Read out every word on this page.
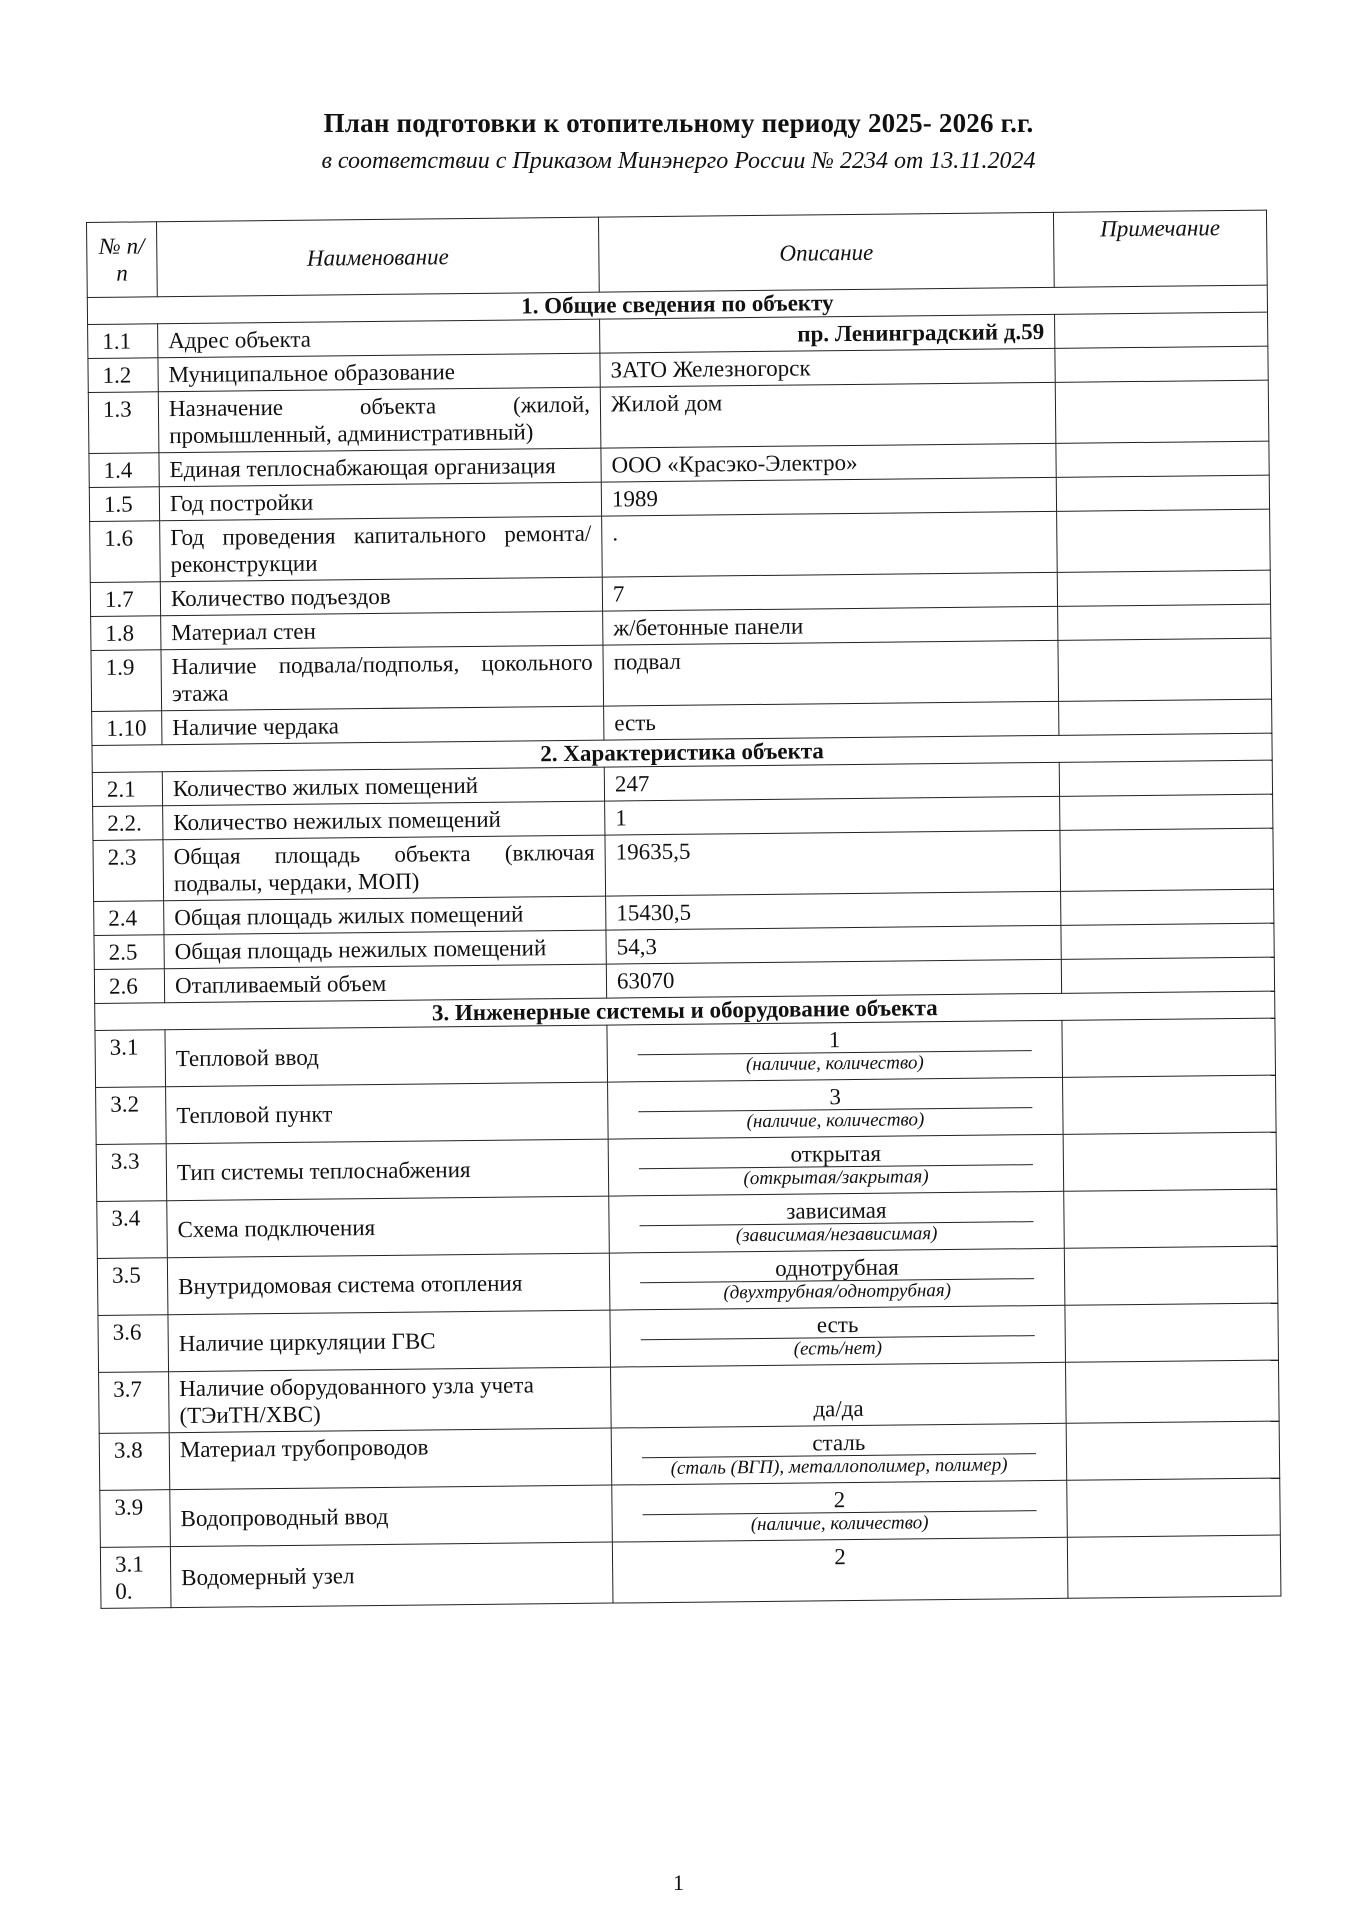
План подготовки к отопительному периоду 2025- 2026 г.г.
в соответствии с Приказом Минэнерго России № 2234 от 13.11.2024
№ п/п	Наименование	Описание	Примечание
1. Общие сведения по объекту			
1.1	Адрес объекта	пр. Ленинградский д.59	
1.2	Муниципальное образование	ЗАТО Железногорск	
1.3	Назначение объекта (жилой, промышленный, административный)	Жилой дом	
1.4	Единая теплоснабжающая организация	ООО «Красэко-Электро»	
1.5	Год постройки	1989	
1.6	Год проведения капитального ремонта/реконструкции	.	
1.7	Количество подъездов	7	
1.8	Материал стен	ж/бетонные панели	
1.9	Наличие подвала/подполья, цокольного этажа	подвал	
1.10	Наличие чердака	есть	
2. Характеристика объекта			
2.1	Количество жилых помещений	247	
2.2.	Количество нежилых помещений	1	
2.3	Общая площадь объекта (включая подвалы, чердаки, МОП)	19635,5	
2.4	Общая площадь жилых помещений	15430,5	
2.5	Общая площадь нежилых помещений	54,3	
2.6	Отапливаемый объем	63070	
3. Инженерные системы и оборудование объекта			
3.1	Тепловой ввод	1
(наличие, количество)	

3.2	Тепловой пункт	3
(наличие, количество)	

3.3	Тип системы теплоснабжения	открытая
(открытая/закрытая)	

3.4	Схема подключения	зависимая
(зависимая/независимая)	

3.5	Внутридомовая система отопления	однотрубная
(двухтрубная/однотрубная)	

3.6	Наличие циркуляции ГВС	есть
(есть/нет)	

3.7	Наличие оборудованного узла учета (ТЭиТН/ХВС)	да/да	
3.8	Материал трубопроводов	сталь
(сталь (ВГП), металлополимер, полимер)	

3.9	Водопроводный ввод	2
(наличие, количество)	

3.10.	Водомерный узел	2	
1
